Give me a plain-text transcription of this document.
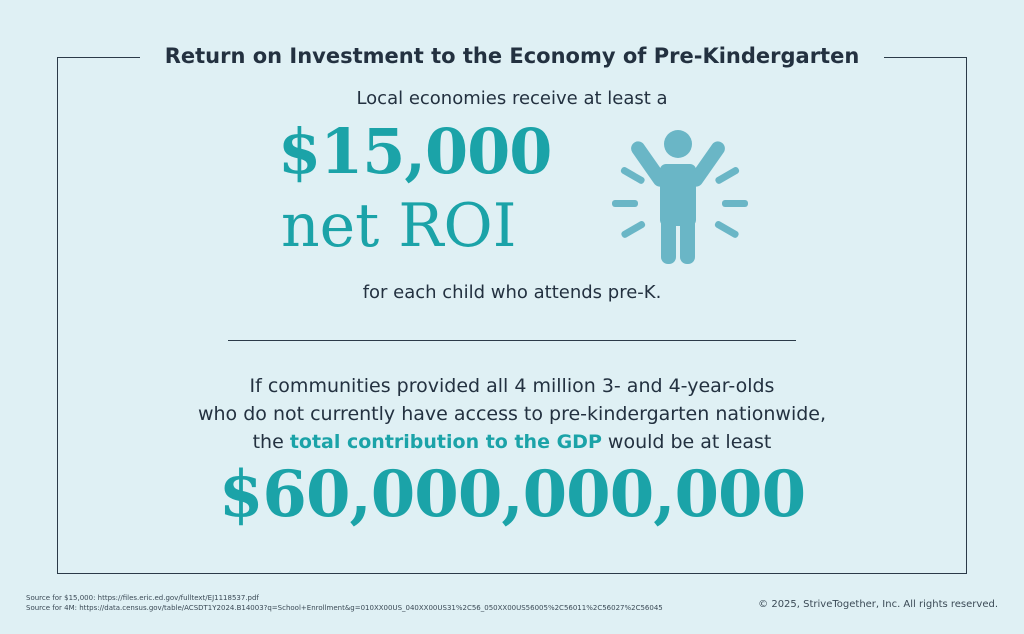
Return on Investment to the Economy of Pre-Kindergarten
Local economies receive at least a
$15,000
net ROI
for each child who attends pre-K.
If communities provided all 4 million 3- and 4-year-olds
who do not currently have access to pre-kindergarten nationwide,
the total contribution to the GDP would be at least
$60,000,000,000
Source for $15,000: https://files.eric.ed.gov/fulltext/EJ1118537.pdf
Source for 4M: https://data.census.gov/table/ACSDT1Y2024.B14003?q=School+Enrollment&g=010XX00US_040XX00US31%2C56_050XX00US56005%2C56011%2C56027%2C56045	© 2025, StriveTogether, Inc. All rights reserved.
